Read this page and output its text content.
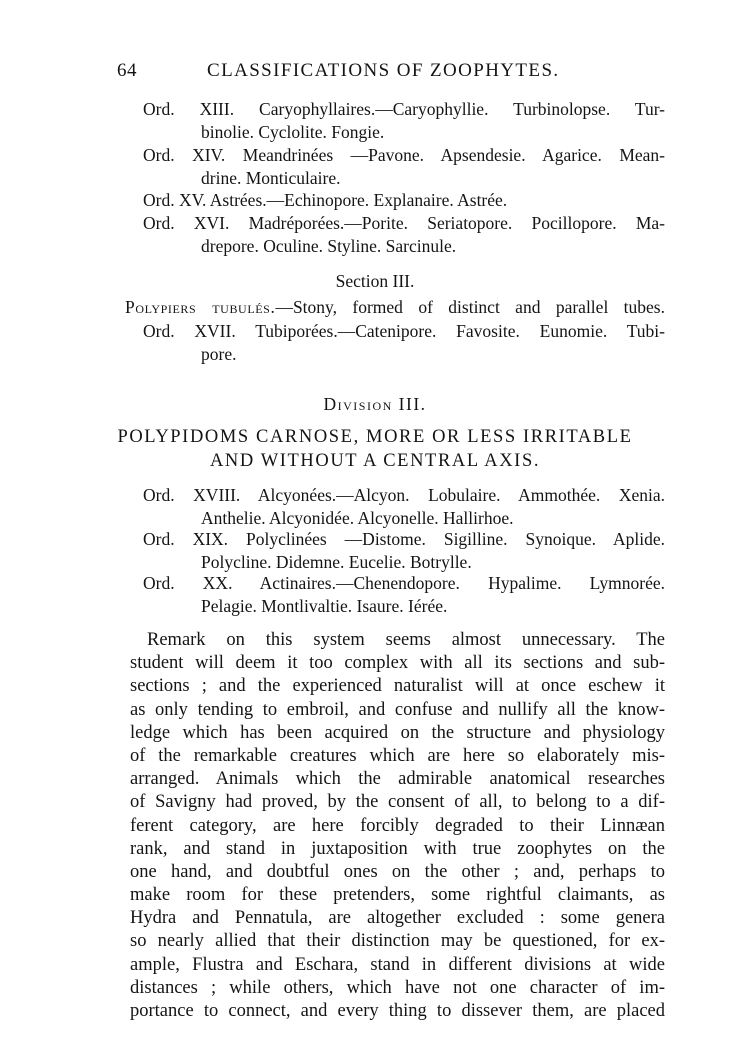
64	CLASSIFICATIONS OF ZOOPHYTES.
Ord. XIII. Caryophyllaires.—Caryophyllie. Turbinolopse. Tur-
binolie. Cyclolite. Fongie.
Ord. XIV. Meandrinées —Pavone. Apsendesie. Agarice. Mean-
drine. Monticulaire.
Ord. XV. Astrées.—Echinopore. Explanaire. Astrée.
Ord. XVI. Madréporées.—Porite. Seriatopore. Pocillopore. Ma-
drepore. Oculine. Styline. Sarcinule.
Section III.
Polypiers tubulés.—Stony, formed of distinct and parallel tubes.
Ord. XVII. Tubiporées.—Catenipore. Favosite. Eunomie. Tubi-
pore.
Division III.
POLYPIDOMS CARNOSE, MORE OR LESS IRRITABLE
AND WITHOUT A CENTRAL AXIS.
Ord. XVIII. Alcyonées.—Alcyon. Lobulaire. Ammothée. Xenia.
Anthelie. Alcyonidée. Alcyonelle. Hallirhoe.
Ord. XIX. Polyclinées —Distome. Sigilline. Synoique. Aplide.
Polycline. Didemne. Eucelie. Botrylle.
Ord. XX. Actinaires.—Chenendopore. Hypalime. Lymnorée.
Pelagie. Montlivaltie. Isaure. Iérée.
Remark on this system seems almost unnecessary. The
student will deem it too complex with all its sections and sub-
sections ; and the experienced naturalist will at once eschew it
as only tending to embroil, and confuse and nullify all the know-
ledge which has been acquired on the structure and physiology
of the remarkable creatures which are here so elaborately mis-
arranged. Animals which the admirable anatomical researches
of Savigny had proved, by the consent of all, to belong to a dif-
ferent category, are here forcibly degraded to their Linnæan
rank, and stand in juxtaposition with true zoophytes on the
one hand, and doubtful ones on the other ; and, perhaps to
make room for these pretenders, some rightful claimants, as
Hydra and Pennatula, are altogether excluded : some genera
so nearly allied that their distinction may be questioned, for ex-
ample, Flustra and Eschara, stand in different divisions at wide
distances ; while others, which have not one character of im-
portance to connect, and every thing to dissever them, are placed
